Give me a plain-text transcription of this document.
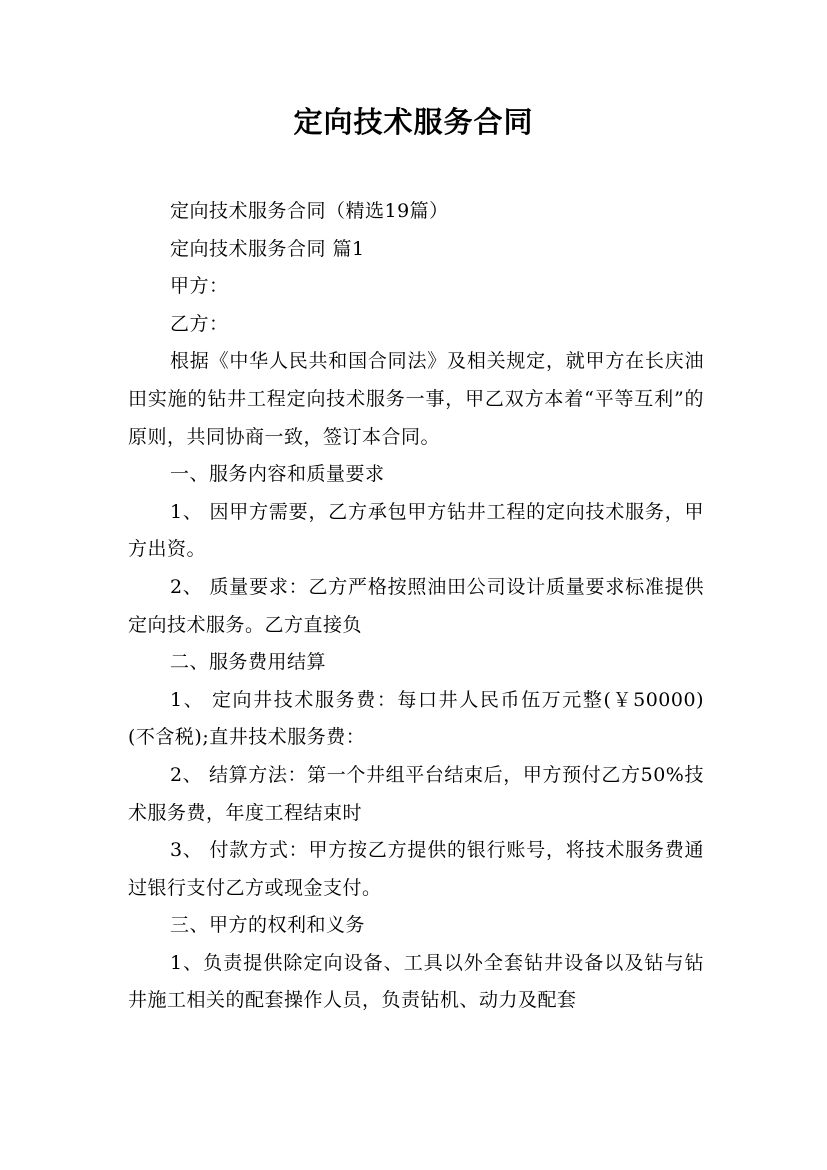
定向技术服务合同

定向技术服务合同（精选19篇）

定向技术服务合同 篇1

甲方：

乙方：

根据《中华人民共和国合同法》及相关规定，就甲方在长庆油田实施的钻井工程定向技术服务一事，甲乙双方本着“平等互利”的原则，共同协商一致，签订本合同。

一、服务内容和质量要求

1、 因甲方需要，乙方承包甲方钻井工程的定向技术服务，甲方出资。

2、 质量要求：乙方严格按照油田公司设计质量要求标准提供定向技术服务。乙方直接负

二、服务费用结算

1、 定向井技术服务费：每口井人民币伍万元整(￥50000)(不含税);直井技术服务费：

2、 结算方法：第一个井组平台结束后，甲方预付乙方50%技术服务费，年度工程结束时

3、 付款方式：甲方按乙方提供的银行账号，将技术服务费通过银行支付乙方或现金支付。

三、甲方的权利和义务

1、负责提供除定向设备、工具以外全套钻井设备以及钻与钻井施工相关的配套操作人员，负责钻机、动力及配套
